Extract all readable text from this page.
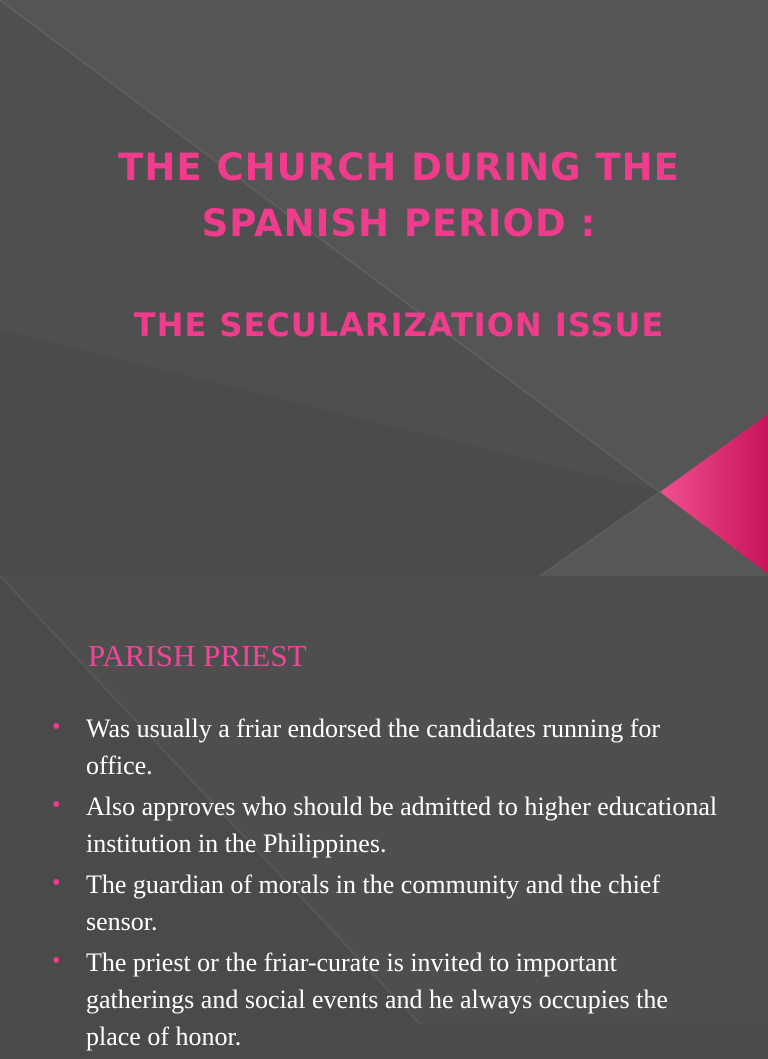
THE CHURCH DURING THE
SPANISH PERIOD :
THE SECULARIZATION ISSUE
PARISH PRIEST
• Was usually a friar endorsed the candidates running for office.
• Also approves who should be admitted to higher educational institution in the Philippines.
• The guardian of morals in the community and the chief sensor.
• The priest or the friar-curate is invited to important gatherings and social events and he always occupies the place of honor.
